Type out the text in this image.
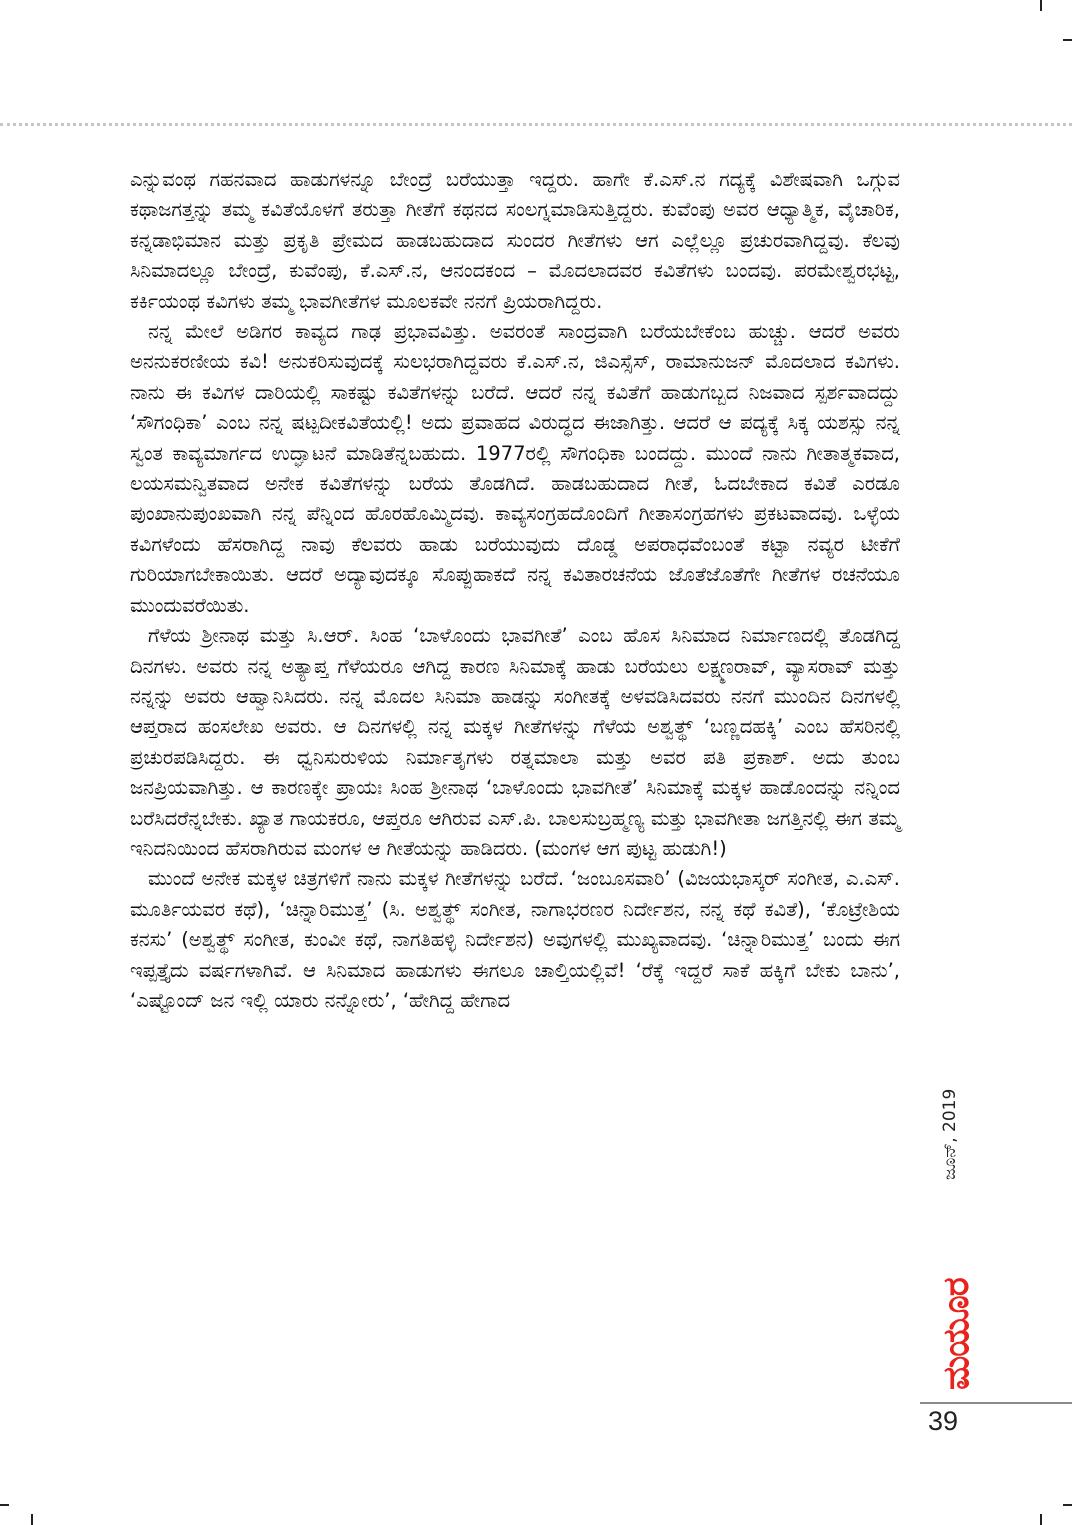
ಎನ್ನುವಂಥ ಗಹನವಾದ ಹಾಡುಗಳನ್ನೂ ಬೇಂದ್ರೆ ಬರೆಯುತ್ತಾ ಇದ್ದರು. ಹಾಗೇ ಕೆ.ಎಸ್.ನ ಗದ್ಯಕ್ಕೆ ವಿಶೇಷವಾಗಿ ಒಗ್ಗುವ ಕಥಾಜಗತ್ತನ್ನು ತಮ್ಮ ಕವಿತೆಯೊಳಗೆ ತರುತ್ತಾ ಗೀತೆಗೆ ಕಥನದ ಸಂಲಗ್ನಮಾಡಿಸುತ್ತಿದ್ದರು. ಕುವೆಂಪು ಅವರ ಆಧ್ಯಾತ್ಮಿಕ, ವೈಚಾರಿಕ, ಕನ್ನಡಾಭಿಮಾನ ಮತ್ತು ಪ್ರಕೃತಿ ಪ್ರೇಮದ ಹಾಡಬಹುದಾದ ಸುಂದರ ಗೀತೆಗಳು ಆಗ ಎಲ್ಲೆಲ್ಲೂ ಪ್ರಚುರವಾಗಿದ್ದವು. ಕೆಲವು ಸಿನಿಮಾದಲ್ಲೂ ಬೇಂದ್ರೆ, ಕುವೆಂಪು, ಕೆ.ಎಸ್.ನ, ಆನಂದಕಂದ – ಮೊದಲಾದವರ ಕವಿತೆಗಳು ಬಂದವು. ಪರಮೇಶ್ವರಭಟ್ಟ, ಕರ್ಕಿಯಂಥ ಕವಿಗಳು ತಮ್ಮ ಭಾವಗೀತೆಗಳ ಮೂಲಕವೇ ನನಗೆ ಪ್ರಿಯರಾಗಿದ್ದರು.

ನನ್ನ ಮೇಲೆ ಅಡಿಗರ ಕಾವ್ಯದ ಗಾಢ ಪ್ರಭಾವವಿತ್ತು. ಅವರಂತೆ ಸಾಂದ್ರವಾಗಿ ಬರೆಯಬೇಕೆಂಬ ಹುಚ್ಚು. ಆದರೆ ಅವರು ಅನನುಕರಣೀಯ ಕವಿ! ಅನುಕರಿಸುವುದಕ್ಕೆ ಸುಲಭರಾಗಿದ್ದವರು ಕೆ.ಎಸ್.ನ, ಜಿಎಸ್ಸೆಸ್, ರಾಮಾನುಜನ್ ಮೊದಲಾದ ಕವಿಗಳು. ನಾನು ಈ ಕವಿಗಳ ದಾರಿಯಲ್ಲಿ ಸಾಕಷ್ಟು ಕವಿತೆಗಳನ್ನು ಬರೆದೆ. ಆದರೆ ನನ್ನ ಕವಿತೆಗೆ ಹಾಡುಗಬ್ಬದ ನಿಜವಾದ ಸ್ಪರ್ಶವಾದದ್ದು ‘ಸೌಗಂಧಿಕಾ’ ಎಂಬ ನನ್ನ ಷಟ್ಪದೀಕವಿತೆಯಲ್ಲಿ! ಅದು ಪ್ರವಾಹದ ವಿರುದ್ಧದ ಈಜಾಗಿತ್ತು. ಆದರೆ ಆ ಪದ್ಯಕ್ಕೆ ಸಿಕ್ಕ ಯಶಸ್ಸು ನನ್ನ ಸ್ವಂತ ಕಾವ್ಯಮಾರ್ಗದ ಉದ್ಘಾಟನೆ ಮಾಡಿತೆನ್ನಬಹುದು. 1977ರಲ್ಲಿ ಸೌಗಂಧಿಕಾ ಬಂದದ್ದು. ಮುಂದೆ ನಾನು ಗೀತಾತ್ಮಕವಾದ, ಲಯಸಮನ್ವಿತವಾದ ಅನೇಕ ಕವಿತೆಗಳನ್ನು ಬರೆಯ ತೊಡಗಿದೆ. ಹಾಡಬಹುದಾದ ಗೀತೆ, ಓದಬೇಕಾದ ಕವಿತೆ ಎರಡೂ ಪುಂಖಾನುಪುಂಖವಾಗಿ ನನ್ನ ಪೆನ್ನಿಂದ ಹೊರಹೊಮ್ಮಿದವು. ಕಾವ್ಯಸಂಗ್ರಹದೊಂದಿಗೆ ಗೀತಾಸಂಗ್ರಹಗಳು ಪ್ರಕಟವಾದವು. ಒಳ್ಳೆಯ ಕವಿಗಳೆಂದು ಹೆಸರಾಗಿದ್ದ ನಾವು ಕೆಲವರು ಹಾಡು ಬರೆಯುವುದು ದೊಡ್ಡ ಅಪರಾಧವೆಂಬಂತೆ ಕಟ್ಟಾ ನವ್ಯರ ಟೀಕೆಗೆ ಗುರಿಯಾಗಬೇಕಾಯಿತು. ಆದರೆ ಅದ್ಯಾವುದಕ್ಕೂ ಸೊಪ್ಪುಹಾಕದೆ ನನ್ನ ಕವಿತಾರಚನೆಯ ಜೊತೆಜೊತೆಗೇ ಗೀತೆಗಳ ರಚನೆಯೂ ಮುಂದುವರೆಯಿತು.

ಗೆಳೆಯ ಶ್ರೀನಾಥ ಮತ್ತು ಸಿ.ಆರ್. ಸಿಂಹ ‘ಬಾಳೊಂದು ಭಾವಗೀತೆ’ ಎಂಬ ಹೊಸ ಸಿನಿಮಾದ ನಿರ್ಮಾಣದಲ್ಲಿ ತೊಡಗಿದ್ದ ದಿನಗಳು. ಅವರು ನನ್ನ ಅತ್ಯಾಪ್ತ ಗೆಳೆಯರೂ ಆಗಿದ್ದ ಕಾರಣ ಸಿನಿಮಾಕ್ಕೆ ಹಾಡು ಬರೆಯಲು ಲಕ್ಷ್ಮಣರಾವ್, ವ್ಯಾಸರಾವ್ ಮತ್ತು ನನ್ನನ್ನು ಅವರು ಆಹ್ವಾನಿಸಿದರು. ನನ್ನ ಮೊದಲ ಸಿನಿಮಾ ಹಾಡನ್ನು ಸಂಗೀತಕ್ಕೆ ಅಳವಡಿಸಿದವರು ನನಗೆ ಮುಂದಿನ ದಿನಗಳಲ್ಲಿ ಆಪ್ತರಾದ ಹಂಸಲೇಖ ಅವರು. ಆ ದಿನಗಳಲ್ಲಿ ನನ್ನ ಮಕ್ಕಳ ಗೀತೆಗಳನ್ನು ಗೆಳೆಯ ಅಶ್ವತ್ಥ್ ‘ಬಣ್ಣದಹಕ್ಕಿ’ ಎಂಬ ಹೆಸರಿನಲ್ಲಿ ಪ್ರಚುರಪಡಿಸಿದ್ದರು. ಈ ಧ್ವನಿಸುರುಳಿಯ ನಿರ್ಮಾತೃಗಳು ರತ್ನಮಾಲಾ ಮತ್ತು ಅವರ ಪತಿ ಪ್ರಕಾಶ್. ಅದು ತುಂಬ ಜನಪ್ರಿಯವಾಗಿತ್ತು. ಆ ಕಾರಣಕ್ಕೇ ಪ್ರಾಯಃ ಸಿಂಹ ಶ್ರೀನಾಥ ‘ಬಾಳೊಂದು ಭಾವಗೀತೆ’ ಸಿನಿಮಾಕ್ಕೆ ಮಕ್ಕಳ ಹಾಡೊಂದನ್ನು ನನ್ನಿಂದ ಬರೆಸಿದರೆನ್ನಬೇಕು. ಖ್ಯಾತ ಗಾಯಕರೂ, ಆಪ್ತರೂ ಆಗಿರುವ ಎಸ್.ಪಿ. ಬಾಲಸುಬ್ರಹ್ಮಣ್ಯ ಮತ್ತು ಭಾವಗೀತಾ ಜಗತ್ತಿನಲ್ಲಿ ಈಗ ತಮ್ಮ ಇನಿದನಿಯಿಂದ ಹೆಸರಾಗಿರುವ ಮಂಗಳ ಆ ಗೀತೆಯನ್ನು ಹಾಡಿದರು. (ಮಂಗಳ ಆಗ ಪುಟ್ಟ ಹುಡುಗಿ!)

ಮುಂದೆ ಅನೇಕ ಮಕ್ಕಳ ಚಿತ್ರಗಳಿಗೆ ನಾನು ಮಕ್ಕಳ ಗೀತೆಗಳನ್ನು ಬರೆದೆ. ‘ಜಂಬೂಸವಾರಿ’ (ವಿಜಯಭಾಸ್ಕರ್ ಸಂಗೀತ, ಎ.ಎಸ್. ಮೂರ್ತಿಯವರ ಕಥೆ), ‘ಚಿನ್ನಾರಿಮುತ್ತ’ (ಸಿ. ಅಶ್ವತ್ಥ್ ಸಂಗೀತ, ನಾಗಾಭರಣರ ನಿರ್ದೇಶನ, ನನ್ನ ಕಥೆ ಕವಿತೆ), ‘ಕೊಟ್ರೇಶಿಯ ಕನಸು’ (ಅಶ್ವತ್ಥ್ ಸಂಗೀತ, ಕುಂವೀ ಕಥೆ, ನಾಗತಿಹಳ್ಳಿ ನಿರ್ದೇಶನ) ಅವುಗಳಲ್ಲಿ ಮುಖ್ಯವಾದವು. ‘ಚಿನ್ನಾರಿಮುತ್ತ’ ಬಂದು ಈಗ ಇಪ್ಪತ್ತೈದು ವರ್ಷಗಳಾಗಿವೆ. ಆ ಸಿನಿಮಾದ ಹಾಡುಗಳು ಈಗಲೂ ಚಾಲ್ತಿಯಲ್ಲಿವೆ! ‘ರೆಕ್ಕೆ ಇದ್ದರೆ ಸಾಕೆ ಹಕ್ಕಿಗೆ ಬೇಕು ಬಾನು’, ‘ಎಷ್ಟೊಂದ್ ಜನ ಇಲ್ಲಿ ಯಾರು ನನ್ನೋರು’, ‘ಹೇಗಿದ್ದ ಹೇಗಾದ

ಜೂನ್, 2019
ಮಯೂರ
39
